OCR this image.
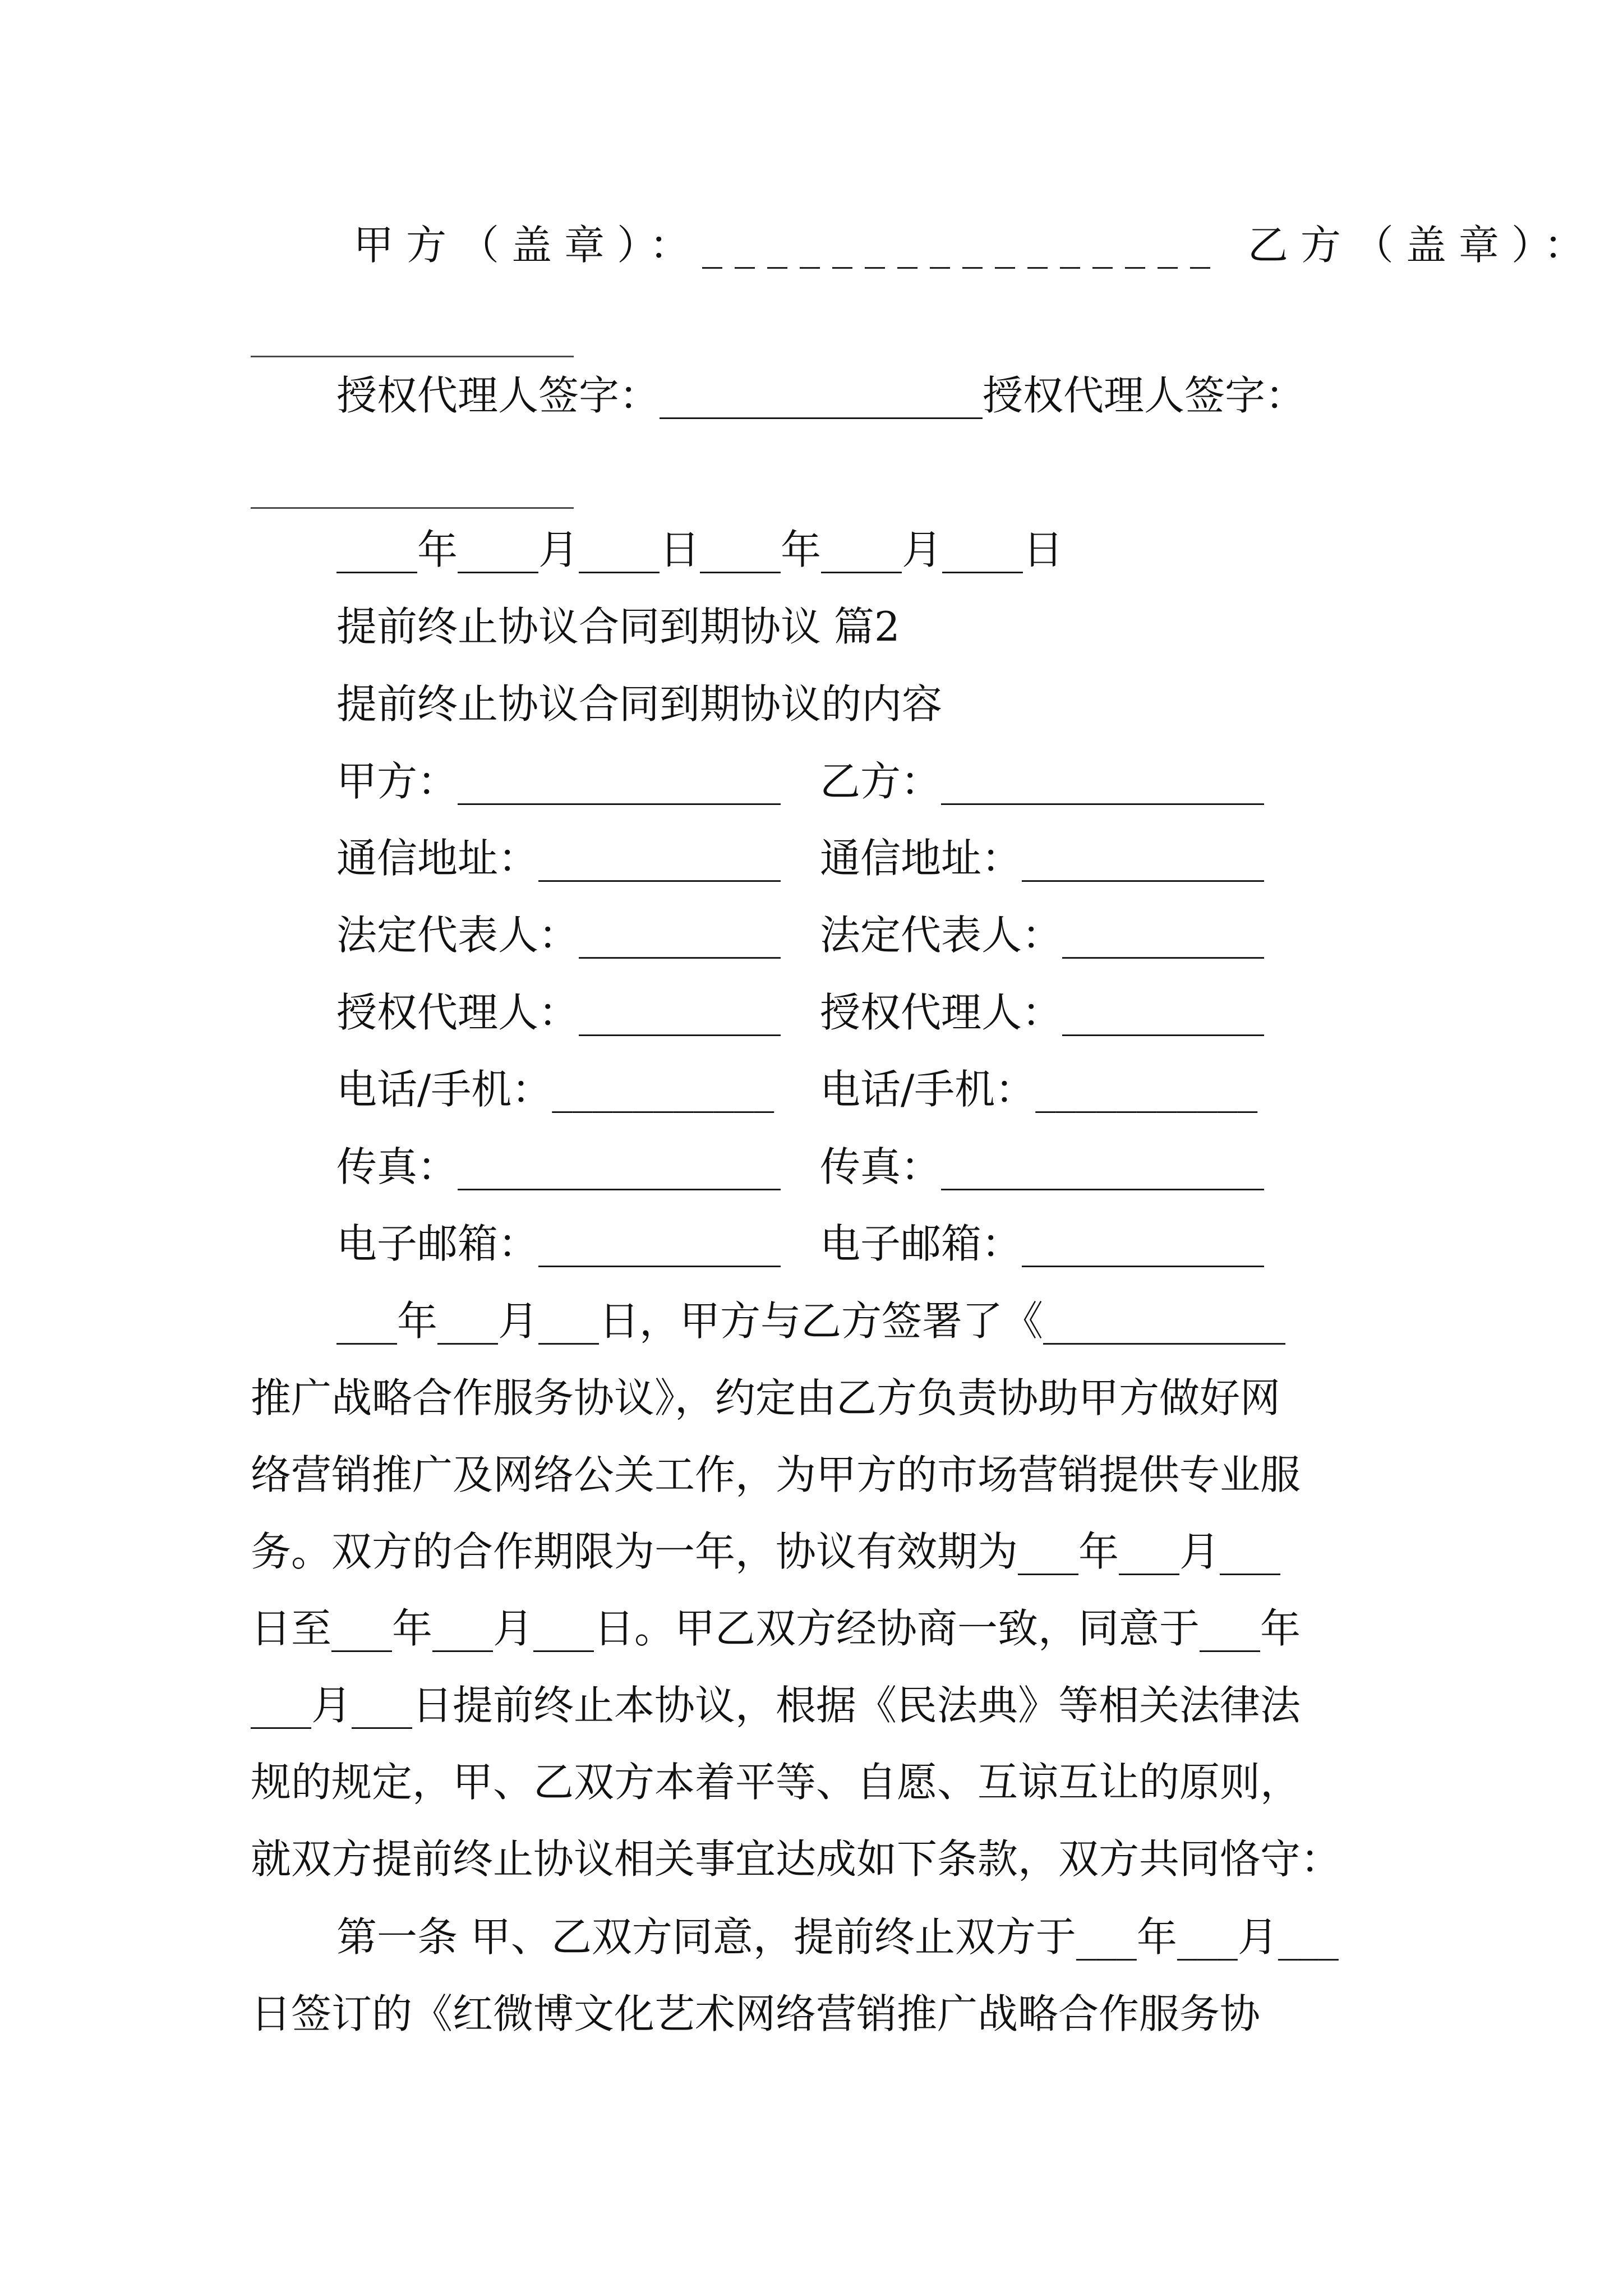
甲方（盖章）：________________ 乙方（盖章）：
________________
授权代理人签字：________________授权代理人签字：
________________
____年____月____日____年____月____日
提前终止协议合同到期协议 篇2
提前终止协议合同到期协议的内容
甲方：________________ 乙方：________________
通信地址：____________ 通信地址：____________
法定代表人：__________ 法定代表人：__________
授权代理人：__________ 授权代理人：__________
电话/手机：___________ 电话/手机：___________
传真：________________ 传真：________________
电子邮箱：____________ 电子邮箱：____________
___年___月___日，甲方与乙方签署了《____________
推广战略合作服务协议》，约定由乙方负责协助甲方做好网
络营销推广及网络公关工作，为甲方的市场营销提供专业服
务。双方的合作期限为一年，协议有效期为___年___月___
日至___年___月___日。甲乙双方经协商一致，同意于___年
___月___日提前终止本协议，根据《民法典》等相关法律法
规的规定，甲、乙双方本着平等、自愿、互谅互让的原则，
就双方提前终止协议相关事宜达成如下条款，双方共同恪守：
第一条 甲、乙双方同意，提前终止双方于___年___月___
日签订的《红微博文化艺术网络营销推广战略合作服务协
